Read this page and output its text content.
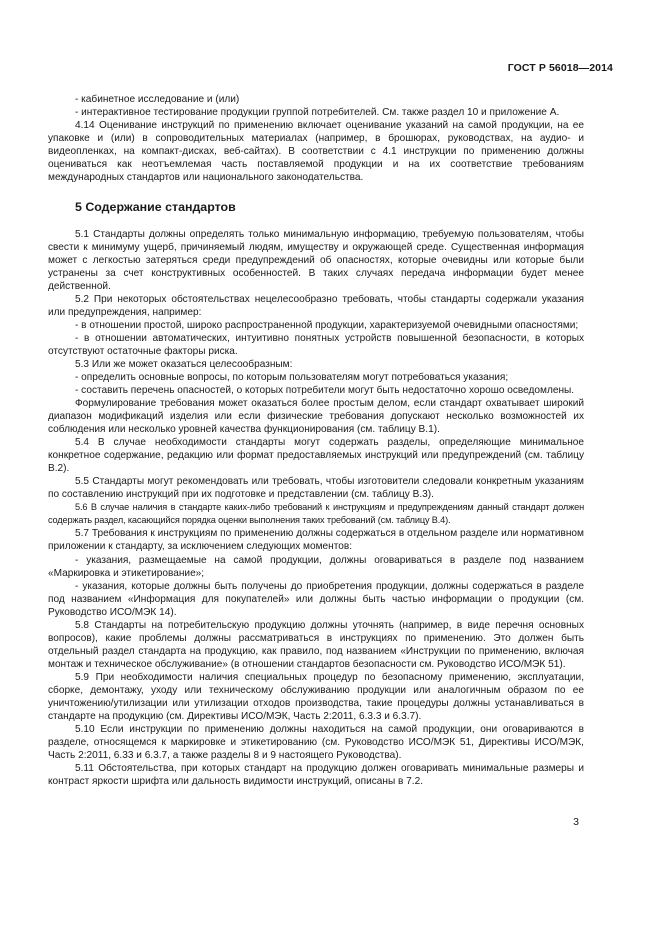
ГОСТ Р 56018—2014

- кабинетное исследование и (или)

- интерактивное тестирование продукции группой потребителей. См. также раздел 10 и приложение А.

4.14 Оценивание инструкций по применению включает оценивание указаний на самой продукции, на ее упаковке и (или) в сопроводительных материалах (например, в брошюрах, руководствах, на аудио- и видеопленках, на компакт-дисках, веб-сайтах). В соответствии с 4.1 инструкции по применению должны оцениваться как неотъемлемая часть поставляемой продукции и на их соответствие требованиям международных стандартов или национального законодательства.

5 Содержание стандартов

5.1 Стандарты должны определять только минимальную информацию, требуемую пользователям, чтобы свести к минимуму ущерб, причиняемый людям, имуществу и окружающей среде. Существенная информация может с легкостью затеряться среди предупреждений об опасностях, которые очевидны или которые были устранены за счет конструктивных особенностей. В таких случаях передача информации будет менее действенной.

5.2 При некоторых обстоятельствах нецелесообразно требовать, чтобы стандарты содержали указания или предупреждения, например:

- в отношении простой, широко распространенной продукции, характеризуемой очевидными опасностями;

- в отношении автоматических, интуитивно понятных устройств повышенной безопасности, в которых отсутствуют остаточные факторы риска.

5.3 Или же может оказаться целесообразным:

- определить основные вопросы, по которым пользователям могут потребоваться указания;

- составить перечень опасностей, о которых потребители могут быть недостаточно хорошо осведомлены.

Формулирование требования может оказаться более простым делом, если стандарт охватывает широкий диапазон модификаций изделия или если физические требования допускают несколько возможностей их соблюдения или несколько уровней качества функционирования (см. таблицу В.1).

5.4 В случае необходимости стандарты могут содержать разделы, определяющие минимальное конкретное содержание, редакцию или формат предоставляемых инструкций или предупреждений (см. таблицу В.2).

5.5 Стандарты могут рекомендовать или требовать, чтобы изготовители следовали конкретным указаниям по составлению инструкций при их подготовке и представлении (см. таблицу В.3).

5.6 В случае наличия в стандарте каких-либо требований к инструкциям и предупреждениям данный стандарт должен содержать раздел, касающийся порядка оценки выполнения таких требований (см. таблицу В.4).

5.7 Требования к инструкциям по применению должны содержаться в отдельном разделе или нормативном приложении к стандарту, за исключением следующих моментов:

- указания, размещаемые на самой продукции, должны оговариваться в разделе под названием «Маркировка и этикетирование»;

- указания, которые должны быть получены до приобретения продукции, должны содержаться в разделе под названием «Информация для покупателей» или должны быть частью информации о продукции (см. Руководство ИСО/МЭК 14).

5.8 Стандарты на потребительскую продукцию должны уточнять (например, в виде перечня основных вопросов), какие проблемы должны рассматриваться в инструкциях по применению. Это должен быть отдельный раздел стандарта на продукцию, как правило, под названием «Инструкции по применению, включая монтаж и техническое обслуживание» (в отношении стандартов безопасности см. Руководство ИСО/МЭК 51).

5.9 При необходимости наличия специальных процедур по безопасному применению, эксплуатации, сборке, демонтажу, уходу или техническому обслуживанию продукции или аналогичным образом по ее уничтожению/утилизации или утилизации отходов производства, такие процедуры должны устанавливаться в стандарте на продукцию (см. Директивы ИСО/МЭК, Часть 2:2011, 6.3.3 и 6.3.7).

5.10 Если инструкции по применению должны находиться на самой продукции, они оговариваются в разделе, относящемся к маркировке и этикетированию (см. Руководство ИСО/МЭК 51, Директивы ИСО/МЭК, Часть 2:2011, 6.33 и 6.3.7, а также разделы 8 и 9 настоящего Руководства).

5.11 Обстоятельства, при которых стандарт на продукцию должен оговаривать минимальные размеры и контраст яркости шрифта или дальность видимости инструкций, описаны в 7.2.

3
